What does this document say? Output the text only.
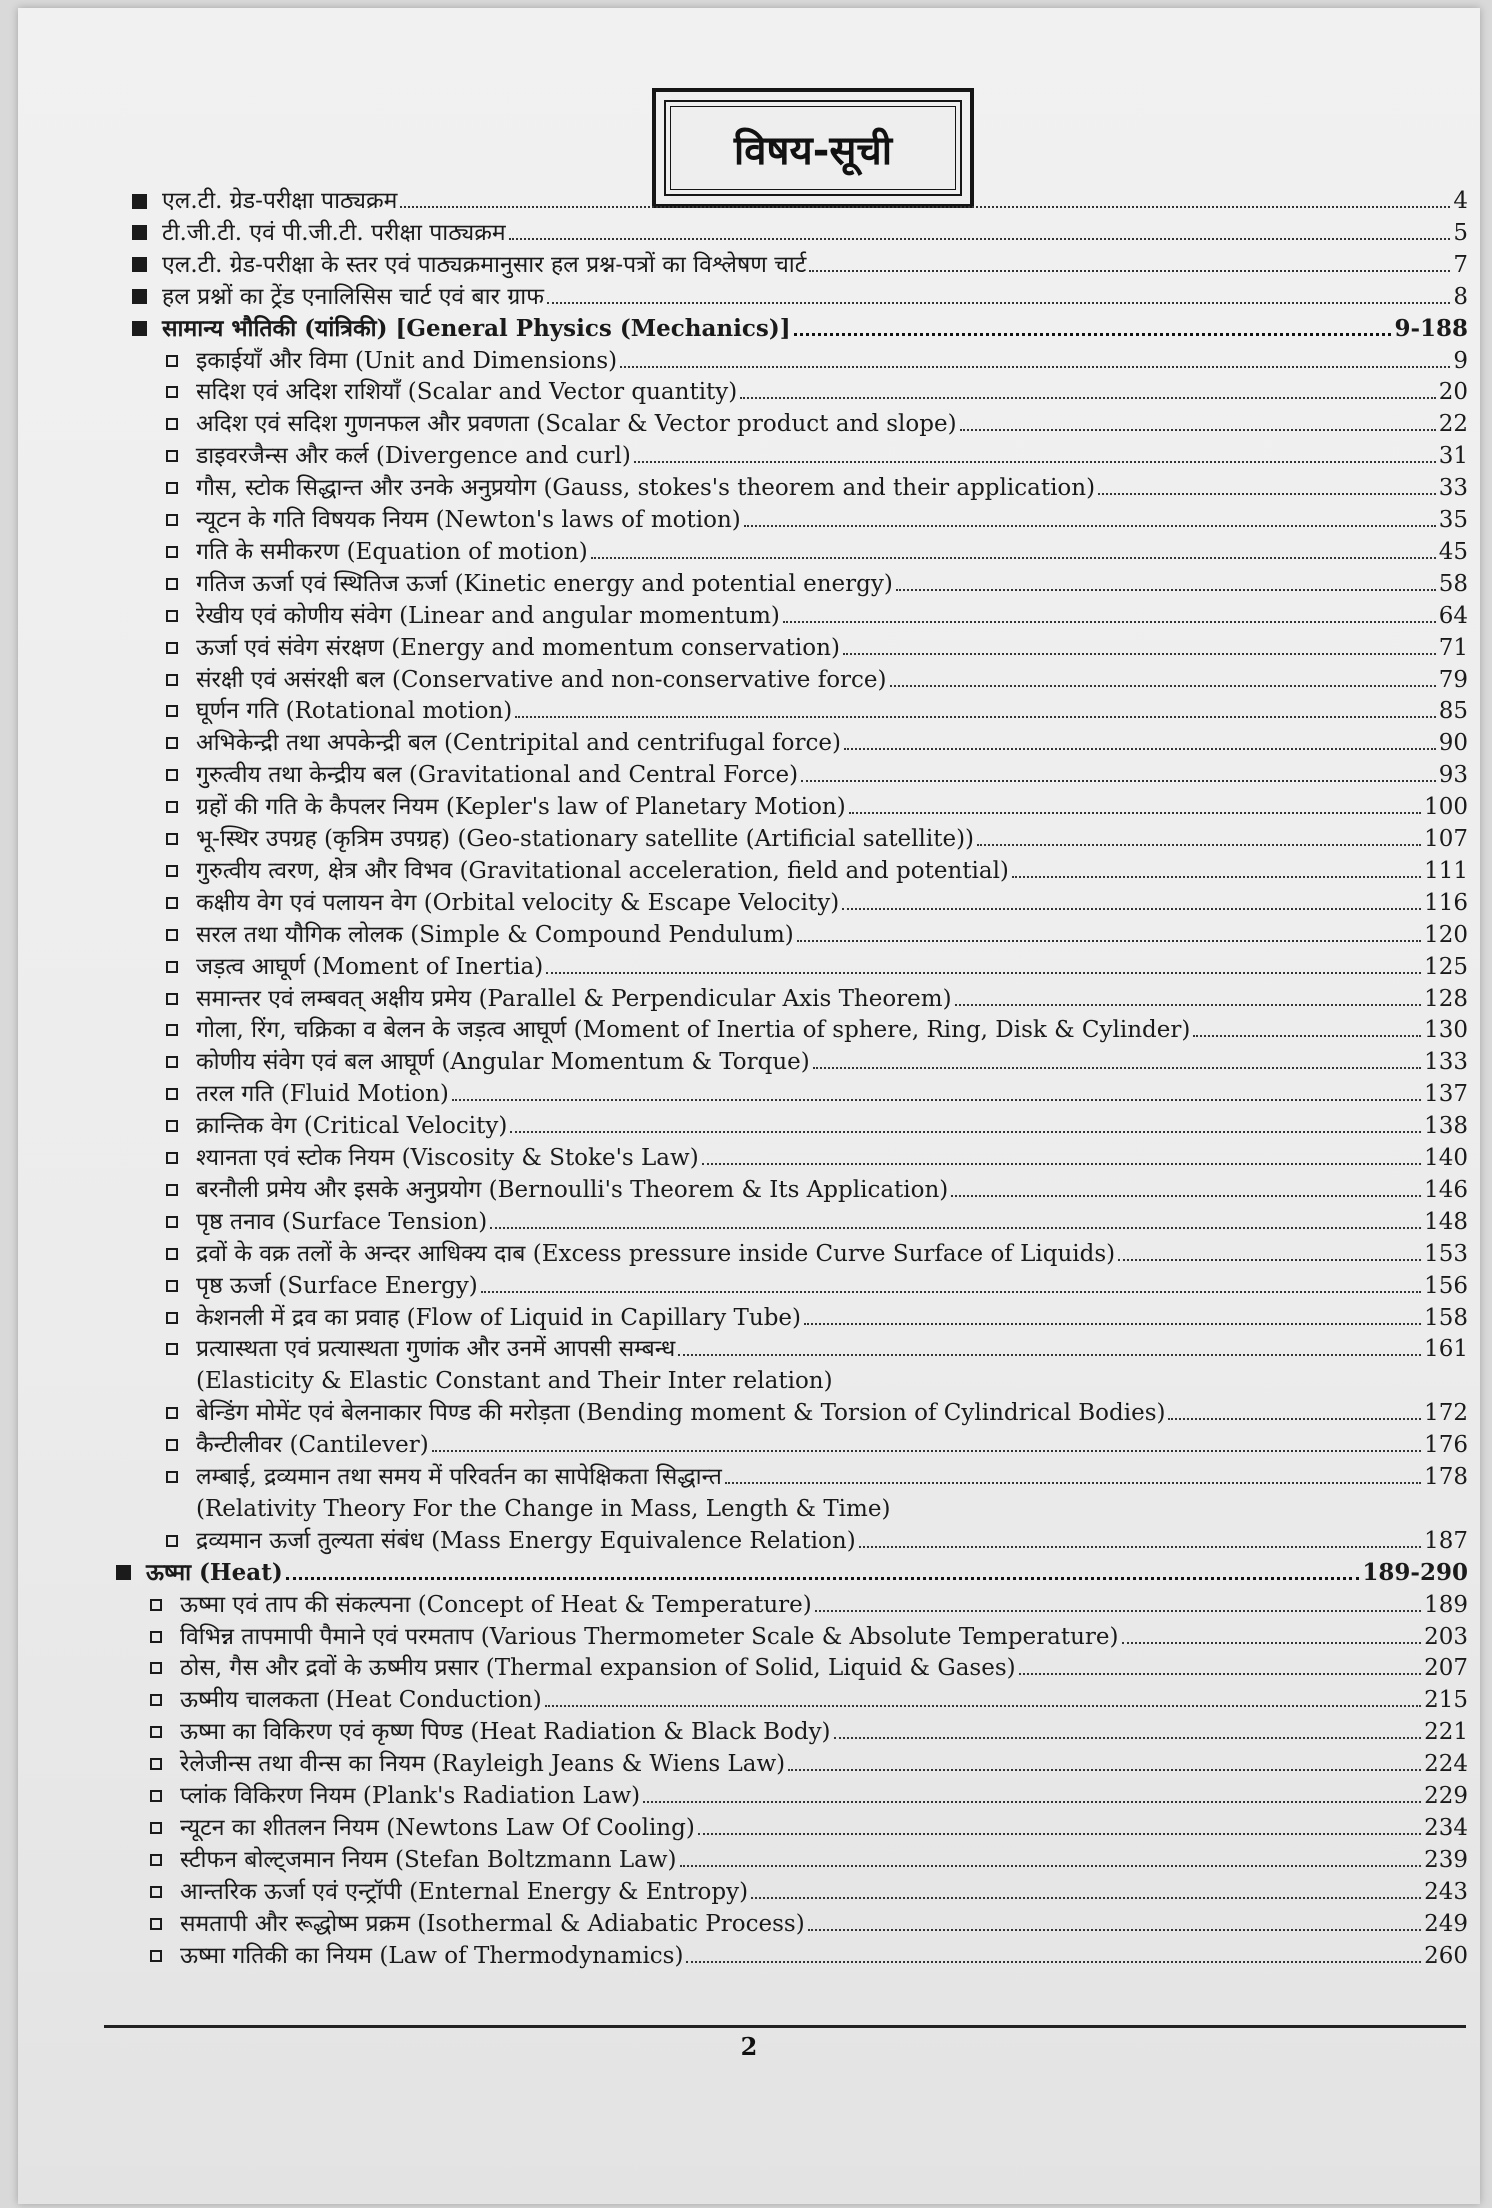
विषय-सूची
एल.टी. ग्रेड-परीक्षा पाठ्यक्रम	4
टी.जी.टी. एवं पी.जी.टी. परीक्षा पाठ्यक्रम	5
एल.टी. ग्रेड-परीक्षा के स्तर एवं पाठ्यक्रमानुसार हल प्रश्न-पत्रों का विश्लेषण चार्ट	7
हल प्रश्नों का ट्रेंड एनालिसिस चार्ट एवं बार ग्राफ	8
सामान्य भौतिकी (यांत्रिकी) [General Physics (Mechanics)]	9-188
इकाईयाँ और विमा (Unit and Dimensions)	9
सदिश एवं अदिश राशियाँ (Scalar and Vector quantity)	20
अदिश एवं सदिश गुणनफल और प्रवणता (Scalar & Vector product and slope)	22
डाइवरजैन्स और कर्ल (Divergence and curl)	31
गौस, स्टोक सिद्धान्त और उनके अनुप्रयोग (Gauss, stokes's theorem and their application)	33
न्यूटन के गति विषयक नियम (Newton's laws of motion)	35
गति के समीकरण (Equation of motion)	45
गतिज ऊर्जा एवं स्थितिज ऊर्जा (Kinetic energy and potential energy)	58
रेखीय एवं कोणीय संवेग (Linear and angular momentum)	64
ऊर्जा एवं संवेग संरक्षण (Energy and momentum conservation)	71
संरक्षी एवं असंरक्षी बल (Conservative and non-conservative force)	79
घूर्णन गति (Rotational motion)	85
अभिकेन्द्री तथा अपकेन्द्री बल (Centripital and centrifugal force)	90
गुरुत्वीय तथा केन्द्रीय बल (Gravitational and Central Force)	93
ग्रहों की गति के कैपलर नियम (Kepler's law of Planetary Motion)	100
भू-स्थिर उपग्रह (कृत्रिम उपग्रह) (Geo-stationary satellite (Artificial satellite))	107
गुरुत्वीय त्वरण, क्षेत्र और विभव (Gravitational acceleration, field and potential)	111
कक्षीय वेग एवं पलायन वेग (Orbital velocity & Escape Velocity)	116
सरल तथा यौगिक लोलक (Simple & Compound Pendulum)	120
जड़त्व आघूर्ण (Moment of Inertia)	125
समान्तर एवं लम्बवत् अक्षीय प्रमेय (Parallel & Perpendicular Axis Theorem)	128
गोला, रिंग, चक्रिका व बेलन के जड़त्व आघूर्ण (Moment of Inertia of sphere, Ring, Disk & Cylinder)	130
कोणीय संवेग एवं बल आघूर्ण (Angular Momentum & Torque)	133
तरल गति (Fluid Motion)	137
क्रान्तिक वेग (Critical Velocity)	138
श्यानता एवं स्टोक नियम (Viscosity & Stoke's Law)	140
बरनौली प्रमेय और इसके अनुप्रयोग (Bernoulli's Theorem & Its Application)	146
पृष्ठ तनाव (Surface Tension)	148
द्रवों के वक्र तलों के अन्दर आधिक्य दाब (Excess pressure inside Curve Surface of Liquids)	153
पृष्ठ ऊर्जा (Surface Energy)	156
केशनली में द्रव का प्रवाह (Flow of Liquid in Capillary Tube)	158
प्रत्यास्थता एवं प्रत्यास्थता गुणांक और उनमें आपसी सम्बन्ध	161
(Elasticity & Elastic Constant and Their Inter relation)
बेन्डिंग मोमेंट एवं बेलनाकार पिण्ड की मरोड़ता (Bending moment & Torsion of Cylindrical Bodies)	172
कैन्टीलीवर (Cantilever)	176
लम्बाई, द्रव्यमान तथा समय में परिवर्तन का सापेक्षिकता सिद्धान्त	178
(Relativity Theory For the Change in Mass, Length & Time)
द्रव्यमान ऊर्जा तुल्यता संबंध (Mass Energy Equivalence Relation)	187
ऊष्मा (Heat)	189-290
ऊष्मा एवं ताप की संकल्पना (Concept of Heat & Temperature)	189
विभिन्न तापमापी पैमाने एवं परमताप (Various Thermometer Scale & Absolute Temperature)	203
ठोस, गैस और द्रवों के ऊष्मीय प्रसार (Thermal expansion of Solid, Liquid & Gases)	207
ऊष्मीय चालकता (Heat Conduction)	215
ऊष्मा का विकिरण एवं कृष्ण पिण्ड (Heat Radiation & Black Body)	221
रेलेजीन्स तथा वीन्स का नियम (Rayleigh Jeans & Wiens Law)	224
प्लांक विकिरण नियम (Plank's Radiation Law)	229
न्यूटन का शीतलन नियम (Newtons Law Of Cooling)	234
स्टीफन बोल्ट्जमान नियम (Stefan Boltzmann Law)	239
आन्तरिक ऊर्जा एवं एन्ट्रॉपी (Enternal Energy & Entropy)	243
समतापी और रूद्धोष्म प्रक्रम (Isothermal & Adiabatic Process)	249
ऊष्मा गतिकी का नियम (Law of Thermodynamics)	260
2
